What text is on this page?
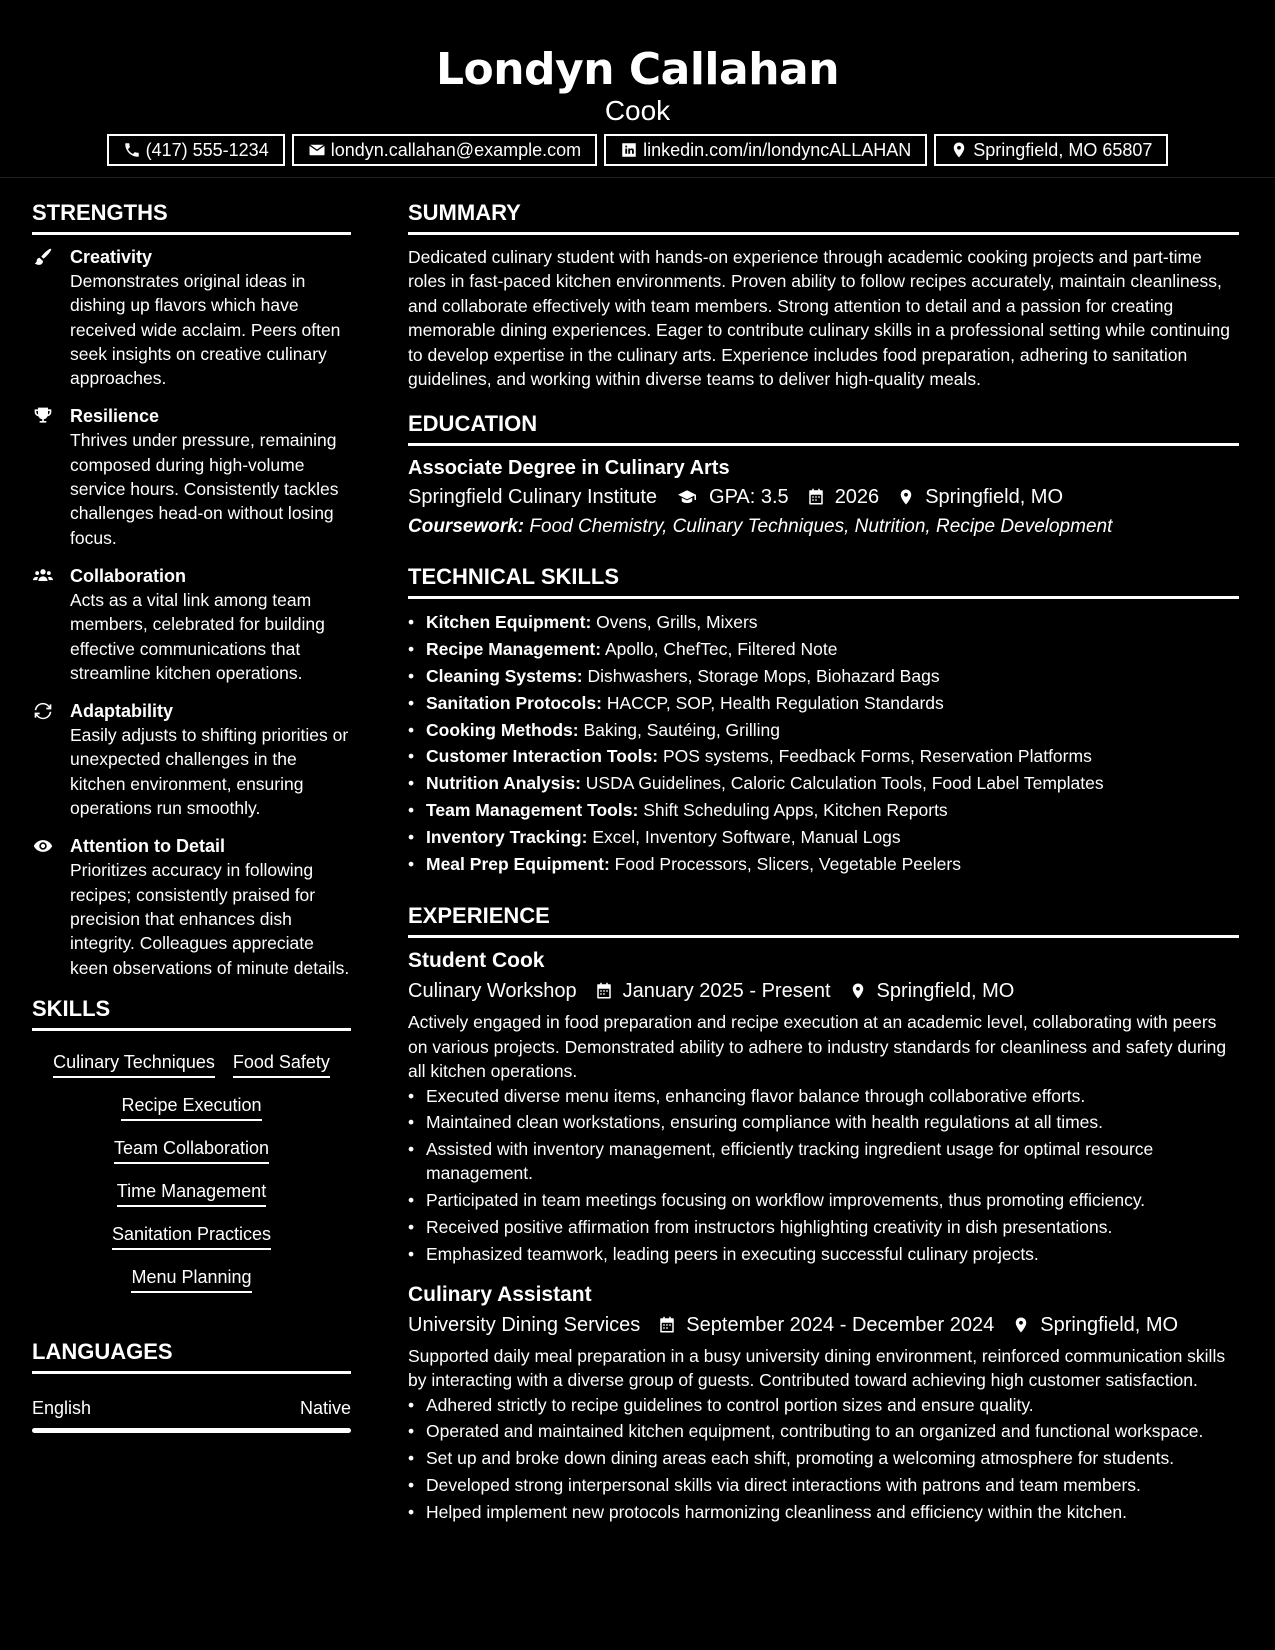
Londyn Callahan
Cook
(417) 555-1234	londyn.callahan@example.com	linkedin.com/in/londyncALLAHAN	Springfield, MO 65807
STRENGTHS
Creativity

Demonstrates original ideas in dishing up flavors which have received wide acclaim. Peers often seek insights on creative culinary approaches.

Resilience

Thrives under pressure, remaining composed during high-volume service hours. Consistently tackles challenges head-on without losing focus.

Collaboration

Acts as a vital link among team members, celebrated for building effective communications that streamline kitchen operations.

Adaptability

Easily adjusts to shifting priorities or unexpected challenges in the kitchen environment, ensuring operations run smoothly.

Attention to Detail

Prioritizes accuracy in following recipes; consistently praised for precision that enhances dish integrity. Colleagues appreciate keen observations of minute details.

SKILLS
Culinary Techniques Food Safety
Recipe Execution
Team Collaboration
Time Management
Sanitation Practices
Menu Planning
LANGUAGES
English	Native
SUMMARY

Dedicated culinary student with hands-on experience through academic cooking projects and part-time roles in fast-paced kitchen environments. Proven ability to follow recipes accurately, maintain cleanliness, and collaborate effectively with team members. Strong attention to detail and a passion for creating memorable dining experiences. Eager to contribute culinary skills in a professional setting while continuing to develop expertise in the culinary arts. Experience includes food preparation, adhering to sanitation guidelines, and working within diverse teams to deliver high-quality meals.

EDUCATION
Associate Degree in Culinary Arts
Springfield Culinary Institute	GPA: 3.5 2026 Springfield, MO
Coursework: Food Chemistry, Culinary Techniques, Nutrition, Recipe Development
TECHNICAL SKILLS
• Kitchen Equipment: Ovens, Grills, Mixers
• Recipe Management: Apollo, ChefTec, Filtered Note
• Cleaning Systems: Dishwashers, Storage Mops, Biohazard Bags
• Sanitation Protocols: HACCP, SOP, Health Regulation Standards
• Cooking Methods: Baking, Sautéing, Grilling
• Customer Interaction Tools: POS systems, Feedback Forms, Reservation Platforms
• Nutrition Analysis: USDA Guidelines, Caloric Calculation Tools, Food Label Templates
• Team Management Tools: Shift Scheduling Apps, Kitchen Reports
• Inventory Tracking: Excel, Inventory Software, Manual Logs
• Meal Prep Equipment: Food Processors, Slicers, Vegetable Peelers
EXPERIENCE
Student Cook
Culinary Workshop January 2025 - Present Springfield, MO

Actively engaged in food preparation and recipe execution at an academic level, collaborating with peers on various projects. Demonstrated ability to adhere to industry standards for cleanliness and safety during all kitchen operations.

• Executed diverse menu items, enhancing flavor balance through collaborative efforts.
• Maintained clean workstations, ensuring compliance with health regulations at all times.
• Assisted with inventory management, efficiently tracking ingredient usage for optimal resource management.
• Participated in team meetings focusing on workflow improvements, thus promoting efficiency.
• Received positive affirmation from instructors highlighting creativity in dish presentations.
• Emphasized teamwork, leading peers in executing successful culinary projects.
Culinary Assistant
University Dining Services September 2024 - December 2024 Springfield, MO

Supported daily meal preparation in a busy university dining environment, reinforced communication skills by interacting with a diverse group of guests. Contributed toward achieving high customer satisfaction.

• Adhered strictly to recipe guidelines to control portion sizes and ensure quality.
• Operated and maintained kitchen equipment, contributing to an organized and functional workspace.
• Set up and broke down dining areas each shift, promoting a welcoming atmosphere for students.
• Developed strong interpersonal skills via direct interactions with patrons and team members.
• Helped implement new protocols harmonizing cleanliness and efficiency within the kitchen.
